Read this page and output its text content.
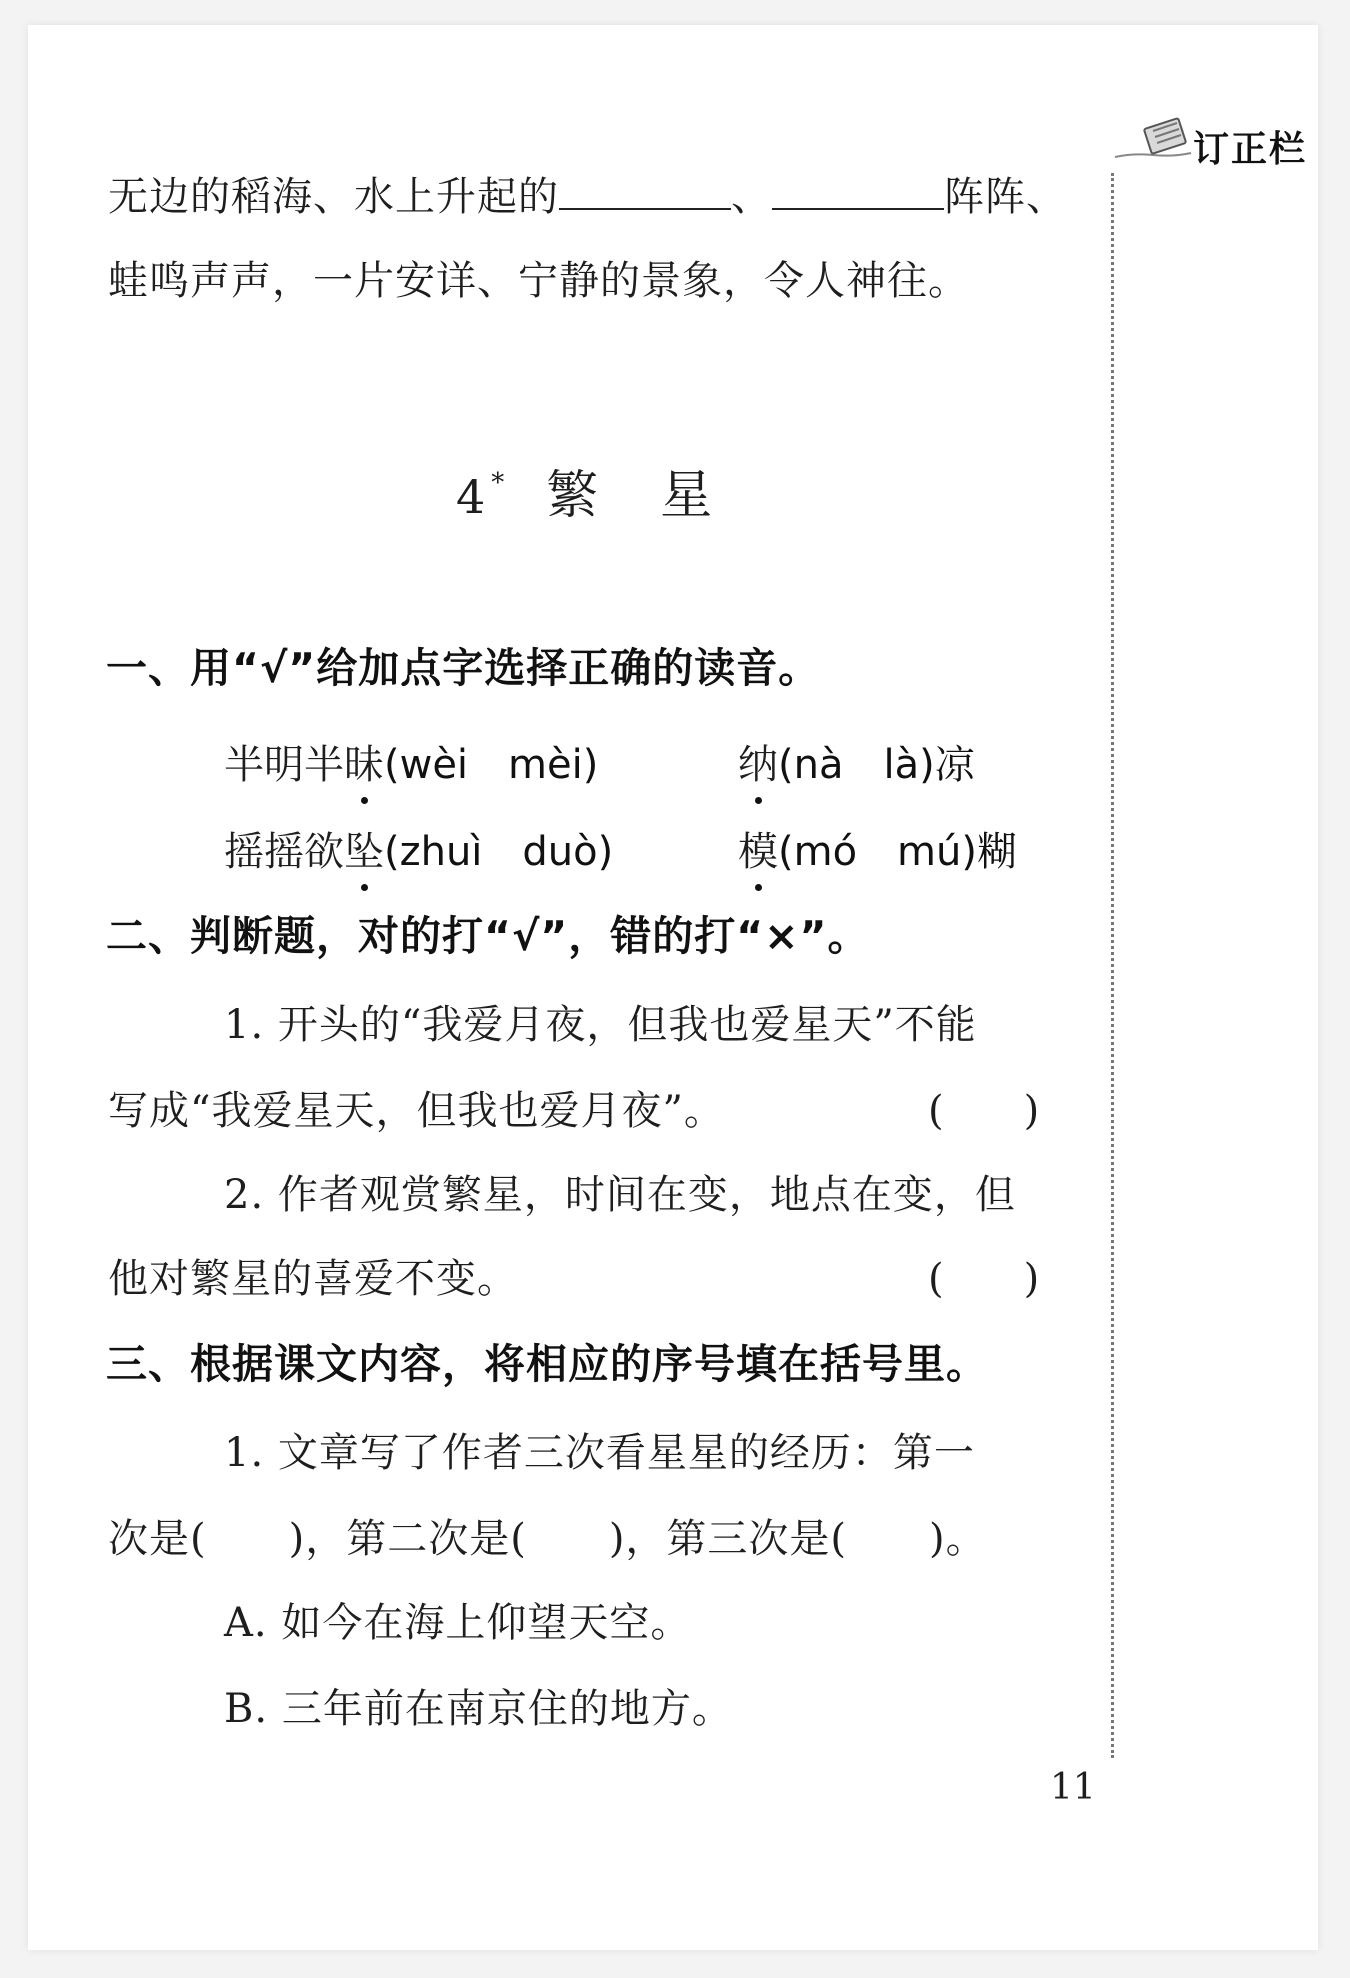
订正栏
无边的稻海、水上升起的	、	阵阵、
蛙鸣声声，一片安详、宁静的景象，令人神往。
4 * 繁 星
一、用“√”给加点字选择正确的读音。
半明半昧(wèi　mèi)	纳(nà　là)凉
摇摇欲坠(zhuì　duò)	模(mó　mú)糊
二、判断题，对的打“√”，错的打“×”。
1. 开头的“我爱月夜，但我也爱星天”不能
写成“我爱星天，但我也爱月夜”。	(　　)
2. 作者观赏繁星，时间在变，地点在变，但
他对繁星的喜爱不变。	(　　)
三、根据课文内容，将相应的序号填在括号里。
1. 文章写了作者三次看星星的经历：第一
次是(　　)，第二次是(　　)，第三次是(　　)。
A. 如今在海上仰望天空。
B. 三年前在南京住的地方。
11
